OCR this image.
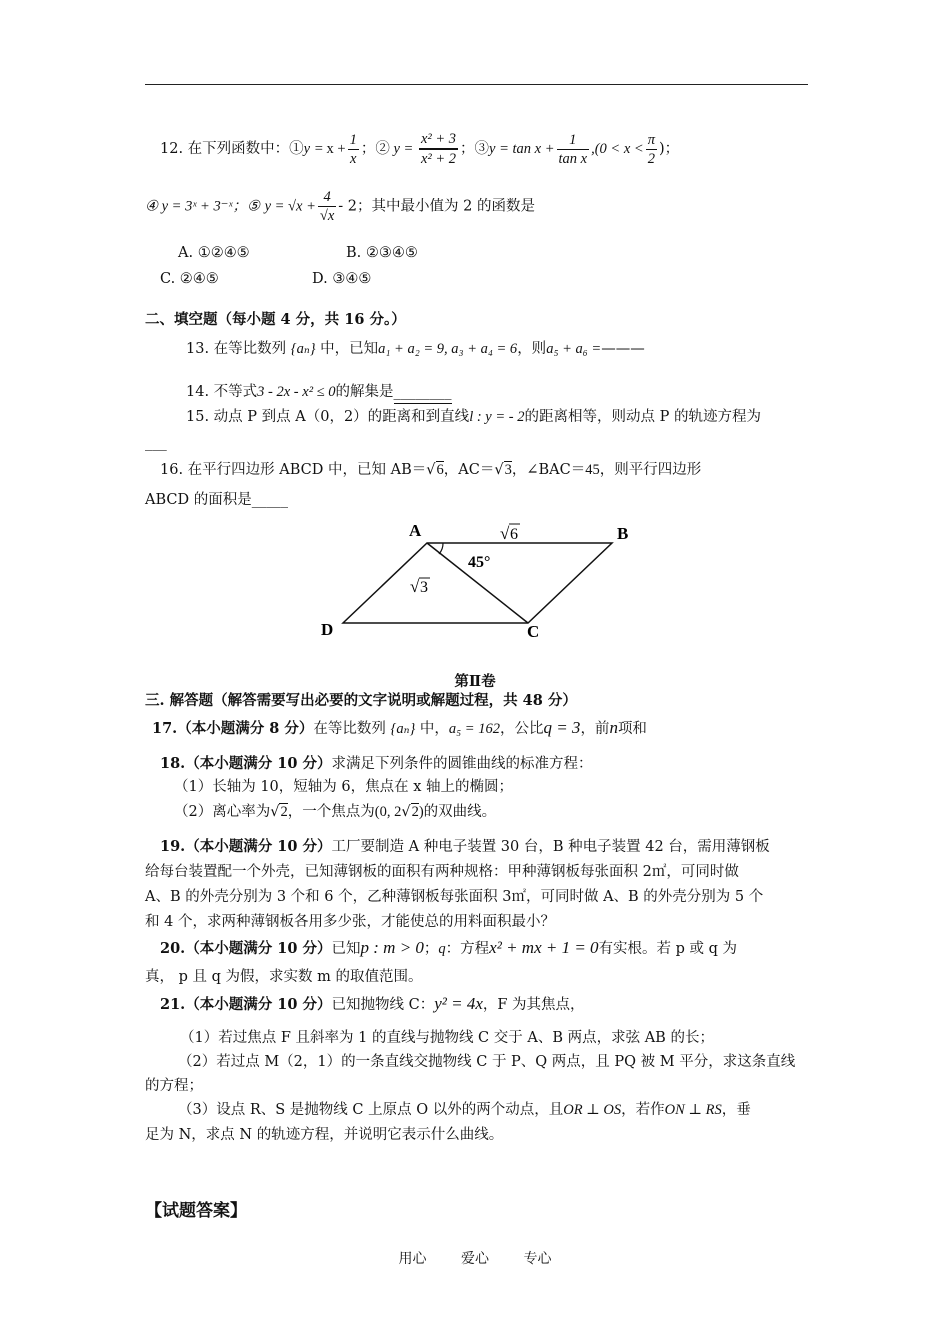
12. 在下列函数中：①y = $x + \frac{1}{x}$ ；② $y = \frac{\text{x² + 3}}{\text{x² + 2}}$ ；③y = $\tan x + \frac{1}{\text{tan x}} ,(0 < x < \frac{\pi}{2}$ )；
④ y = 3ˣ + 3⁻ˣ；⑤ $y = √x + \frac{4}{√x} - 2$；其中最小值为 2 的函数是
A. ①②④⑤	B. ②③④⑤
C. ②④⑤	D. ③④⑤
二、填空题（每小题 4 分，共 16 分。）
13. 在等比数列 {aₙ} 中，已知a₁ + a₂ = 9, a₃ + a₄ = 6，则a₅ + a₆ =———
14. 不等式3 - 2x - x² ≤ 0的解集是________
15. 动点 P 到点 A（0，2）的距离和到直线l : y = - 2的距离相等，则动点 P 的轨迹方程为
___
16. 在平行四边形 ABCD 中，已知 AB＝√6，AC＝√3，∠BAC＝45，则平行四边形
ABCD 的面积是_____
A	B
C
D
45°
√ 6
√ 3
第Ⅱ卷
三. 解答题（解答需要写出必要的文字说明或解题过程，共 48 分）
17.（本小题满分 8 分）在等比数列 {aₙ} 中，a₅ = 162，公比q = 3，前n项和
18.（本小题满分 10 分）求满足下列条件的圆锥曲线的标准方程：
（1）长轴为 10，短轴为 6，焦点在 x 轴上的椭圆；
（2）离心率为√2，一个焦点为(0, 2√2)的双曲线。
19.（本小题满分 10 分）工厂要制造 A 种电子装置 30 台，B 种电子装置 42 台，需用薄钢板
给每台装置配一个外壳，已知薄钢板的面积有两种规格：甲种薄钢板每张面积 2㎡，可同时做
A、B 的外壳分别为 3 个和 6 个，乙种薄钢板每张面积 3㎡，可同时做 A、B 的外壳分别为 5 个
和 4 个，求两种薄钢板各用多少张，才能使总的用料面积最小？
20.（本小题满分 10 分）已知p : m > 0；q：方程x² + mx + 1 = 0有实根。若 p 或 q 为
真， p 且 q 为假，求实数 m 的取值范围。
21.（本小题满分 10 分）已知抛物线 C：y² = 4x，F 为其焦点，
（1）若过焦点 F 且斜率为 1 的直线与抛物线 C 交于 A、B 两点，求弦 AB 的长；
（2）若过点 M（2，1）的一条直线交抛物线 C 于 P、Q 两点，且 PQ 被 M 平分，求这条直线
的方程；
（3）设点 R、S 是抛物线 C 上原点 O 以外的两个动点，且OR ⊥ OS，若作ON ⊥ RS，垂
足为 N，求点 N 的轨迹方程，并说明它表示什么曲线。
【试题答案】
用心 爱心 专心
